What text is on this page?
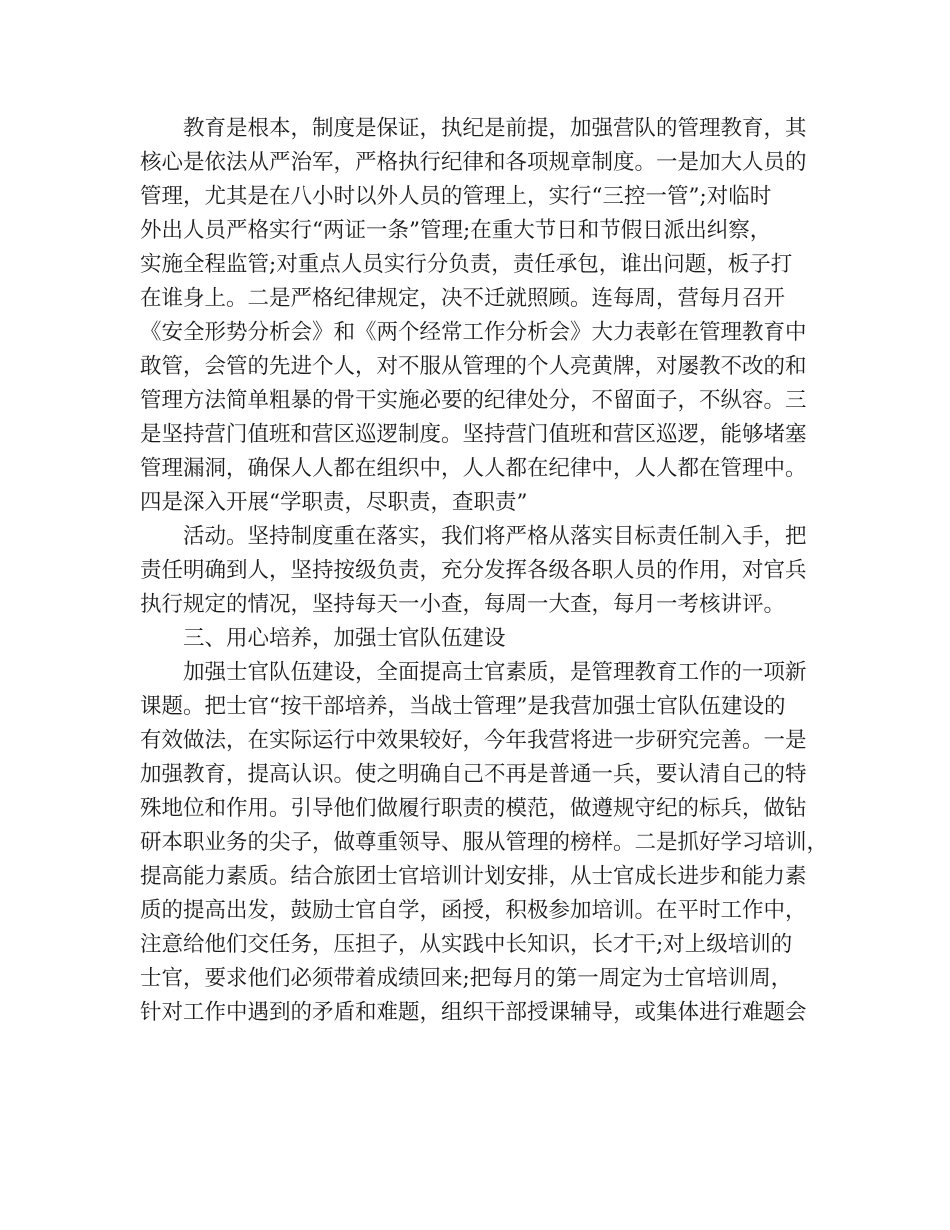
教育是根本，制度是保证，执纪是前提，加强营队的管理教育，其
核心是依法从严治军，严格执行纪律和各项规章制度。一是加大人员的
管理，尤其是在八小时以外人员的管理上，实行“三控一管”;对临时
外出人员严格实行“两证一条”管理;在重大节日和节假日派出纠察，
实施全程监管;对重点人员实行分负责，责任承包，谁出问题，板子打
在谁身上。二是严格纪律规定，决不迁就照顾。连每周，营每月召开
《安全形势分析会》和《两个经常工作分析会》大力表彰在管理教育中
敢管，会管的先进个人，对不服从管理的个人亮黄牌，对屡教不改的和
管理方法简单粗暴的骨干实施必要的纪律处分，不留面子，不纵容。三
是坚持营门值班和营区巡逻制度。坚持营门值班和营区巡逻，能够堵塞
管理漏洞，确保人人都在组织中，人人都在纪律中，人人都在管理中。
四是深入开展“学职责，尽职责，查职责”
活动。坚持制度重在落实，我们将严格从落实目标责任制入手，把
责任明确到人，坚持按级负责，充分发挥各级各职人员的作用，对官兵
执行规定的情况，坚持每天一小查，每周一大查，每月一考核讲评。
三、用心培养，加强士官队伍建设
加强士官队伍建设，全面提高士官素质，是管理教育工作的一项新
课题。把士官“按干部培养，当战士管理”是我营加强士官队伍建设的
有效做法，在实际运行中效果较好，今年我营将进一步研究完善。一是
加强教育，提高认识。使之明确自己不再是普通一兵，要认清自己的特
殊地位和作用。引导他们做履行职责的模范，做遵规守纪的标兵，做钻
研本职业务的尖子，做尊重领导、服从管理的榜样。二是抓好学习培训，
提高能力素质。结合旅团士官培训计划安排，从士官成长进步和能力素
质的提高出发，鼓励士官自学，函授，积极参加培训。在平时工作中，
注意给他们交任务，压担子，从实践中长知识，长才干;对上级培训的
士官，要求他们必须带着成绩回来;把每月的第一周定为士官培训周，
针对工作中遇到的矛盾和难题，组织干部授课辅导，或集体进行难题会
